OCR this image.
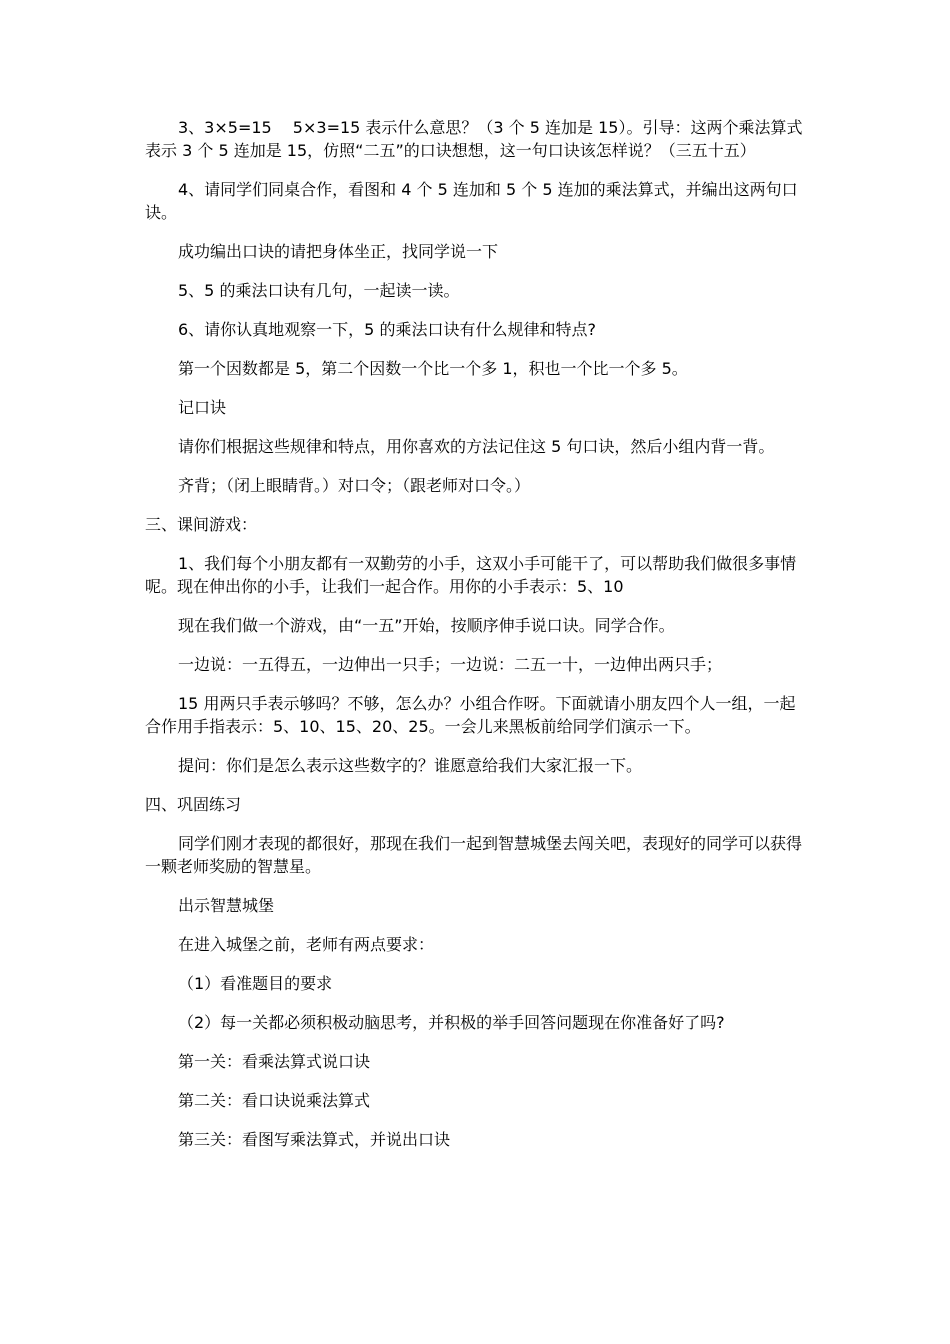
3、3×5=15　 5×3=15 表示什么意思？（3 个 5 连加是 15）。引导：这两个乘法算式表示 3 个 5 连加是 15，仿照“二五”的口诀想想，这一句口诀该怎样说？（三五十五）

4、请同学们同桌合作，看图和 4 个 5 连加和 5 个 5 连加的乘法算式，并编出这两句口诀。

成功编出口诀的请把身体坐正，找同学说一下

5、5 的乘法口诀有几句，一起读一读。

6、请你认真地观察一下，5 的乘法口诀有什么规律和特点?

第一个因数都是 5，第二个因数一个比一个多 1，积也一个比一个多 5。

记口诀

请你们根据这些规律和特点，用你喜欢的方法记住这 5 句口诀，然后小组内背一背。

齐背；（闭上眼睛背。）对口令；（跟老师对口令。）

三、课间游戏：

1、我们每个小朋友都有一双勤劳的小手，这双小手可能干了，可以帮助我们做很多事情呢。现在伸出你的小手，让我们一起合作。用你的小手表示：5、10

现在我们做一个游戏，由“一五”开始，按顺序伸手说口诀。同学合作。

一边说：一五得五，一边伸出一只手；一边说：二五一十，一边伸出两只手；

15 用两只手表示够吗？不够，怎么办？小组合作呀。下面就请小朋友四个人一组，一起合作用手指表示：5、10、15、20、25。一会儿来黑板前给同学们演示一下。

提问：你们是怎么表示这些数字的？谁愿意给我们大家汇报一下。

四、巩固练习

同学们刚才表现的都很好，那现在我们一起到智慧城堡去闯关吧，表现好的同学可以获得一颗老师奖励的智慧星。

出示智慧城堡

在进入城堡之前，老师有两点要求：

（1）看准题目的要求

（2）每一关都必须积极动脑思考，并积极的举手回答问题现在你准备好了吗?

第一关：看乘法算式说口诀

第二关：看口诀说乘法算式

第三关：看图写乘法算式，并说出口诀
